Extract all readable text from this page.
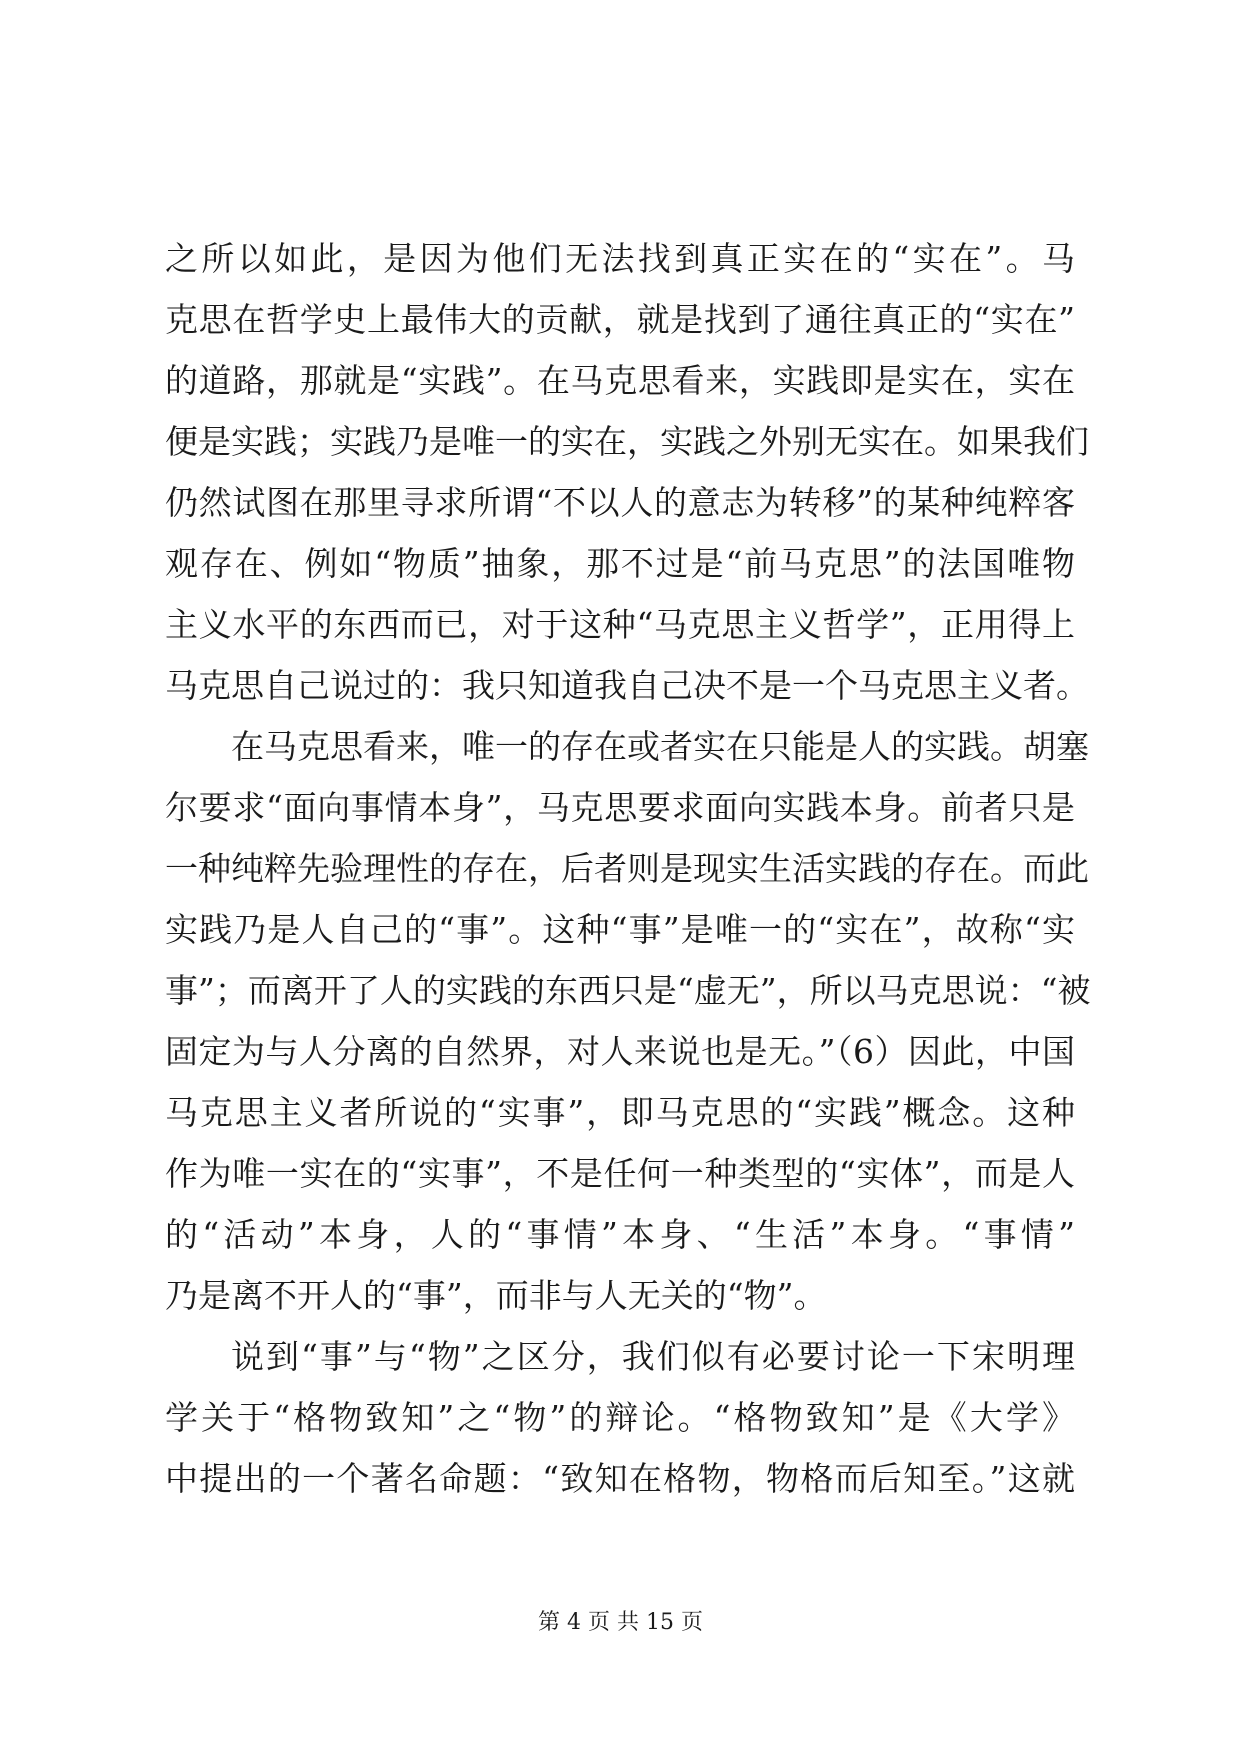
之所以如此，是因为他们无法找到真正实在的“实在”。马
克思在哲学史上最伟大的贡献，就是找到了通往真正的“实在”
的道路，那就是“实践”。在马克思看来，实践即是实在，实在
便是实践；实践乃是唯一的实在，实践之外别无实在。如果我们
仍然试图在那里寻求所谓“不以人的意志为转移”的某种纯粹客
观存在、例如“物质”抽象，那不过是“前马克思”的法国唯物
主义水平的东西而已，对于这种“马克思主义哲学”，正用得上
马克思自己说过的：我只知道我自己决不是一个马克思主义者。
在马克思看来，唯一的存在或者实在只能是人的实践。胡塞
尔要求“面向事情本身”，马克思要求面向实践本身。前者只是
一种纯粹先验理性的存在，后者则是现实生活实践的存在。而此
实践乃是人自己的“事”。这种“事”是唯一的“实在”，故称“实
事”；而离开了人的实践的东西只是“虚无”，所以马克思说：“被
固定为与人分离的自然界，对人来说也是无。”（6）因此，中国
马克思主义者所说的“实事”，即马克思的“实践”概念。这种
作为唯一实在的“实事”，不是任何一种类型的“实体”，而是人
的“活动”本身，人的“事情”本身、“生活”本身。“事情”
乃是离不开人的“事”，而非与人无关的“物”。
说到“事”与“物”之区分，我们似有必要讨论一下宋明理
学关于“格物致知”之“物”的辩论。“格物致知”是《大学》
中提出的一个著名命题：“致知在格物，物格而后知至。”这就
第 4 页 共 15 页
